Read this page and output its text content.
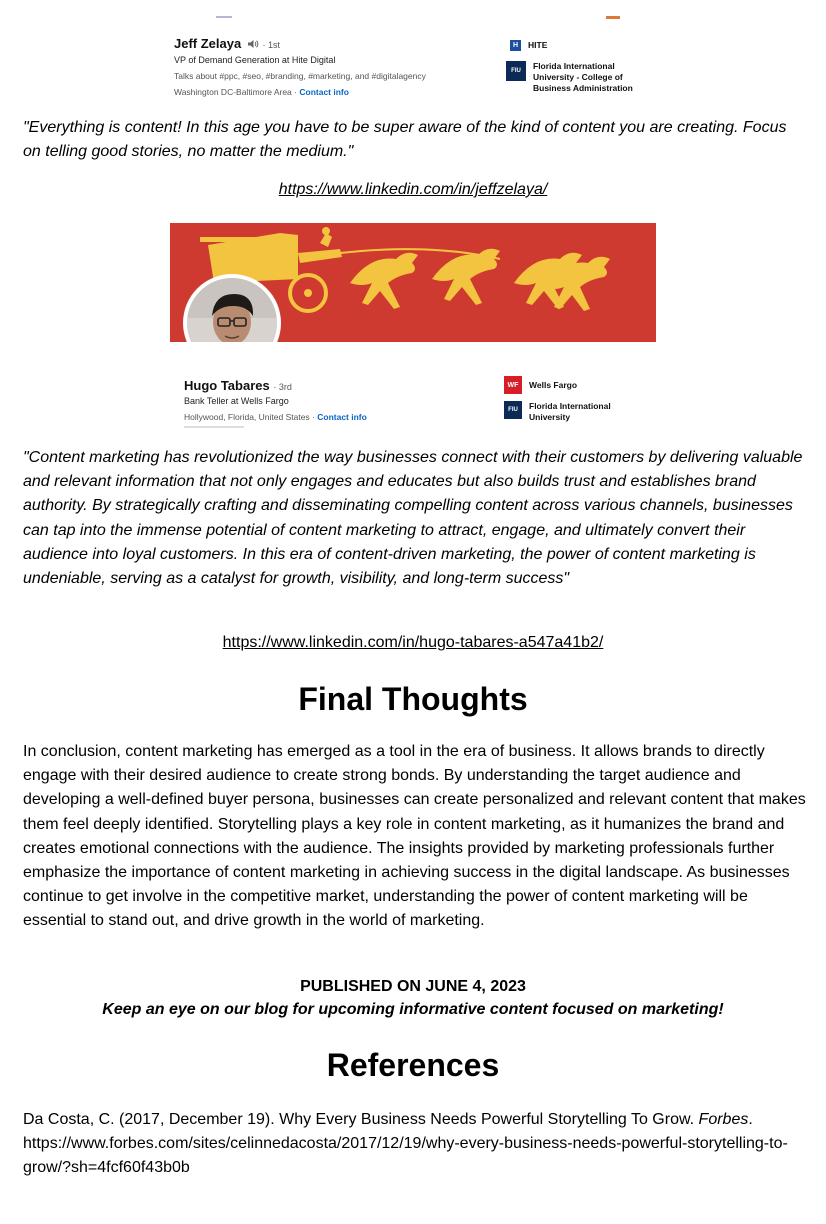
Jeff Zelaya · 1st
VP of Demand Generation at Hite Digital
Talks about #ppc, #seo, #branding, #marketing, and #digitalagency
Washington DC-Baltimore Area · Contact info
H	HITE
FIU	Florida International University - College of Business Administration
"Everything is content! In this age you have to be super aware of the kind of content you are creating. Focus on telling good stories, no matter the medium."
https://www.linkedin.com/in/jeffzelaya/
Hugo Tabares · 3rd
Bank Teller at Wells Fargo
Hollywood, Florida, United States · Contact info
WF	Wells Fargo
FIU	Florida International University
"Content marketing has revolutionized the way businesses connect with their customers by delivering valuable and relevant information that not only engages and educates but also builds trust and establishes brand authority. By strategically crafting and disseminating compelling content across various channels, businesses can tap into the immense potential of content marketing to attract, engage, and ultimately convert their audience into loyal customers. In this era of content-driven marketing, the power of content marketing is undeniable, serving as a catalyst for growth, visibility, and long-term success"
https://www.linkedin.com/in/hugo-tabares-a547a41b2/
Final Thoughts
In conclusion, content marketing has emerged as a tool in the era of business. It allows brands to directly engage with their desired audience to create strong bonds. By understanding the target audience and developing a well-defined buyer persona, businesses can create personalized and relevant content that makes them feel deeply identified. Storytelling plays a key role in content marketing, as it humanizes the brand and creates emotional connections with the audience. The insights provided by marketing professionals further emphasize the importance of content marketing in achieving success in the digital landscape. As businesses continue to get involve in the competitive market, understanding the power of content marketing will be essential to stand out, and drive growth in the world of marketing.
PUBLISHED ON JUNE 4, 2023
Keep an eye on our blog for upcoming informative content focused on marketing!
References
Da Costa, C. (2017, December 19). Why Every Business Needs Powerful Storytelling To Grow. Forbes. https://www.forbes.com/sites/celinnedacosta/2017/12/19/why-every-business-needs-powerful-storytelling-to-grow/?sh=4fcf60f43b0b
